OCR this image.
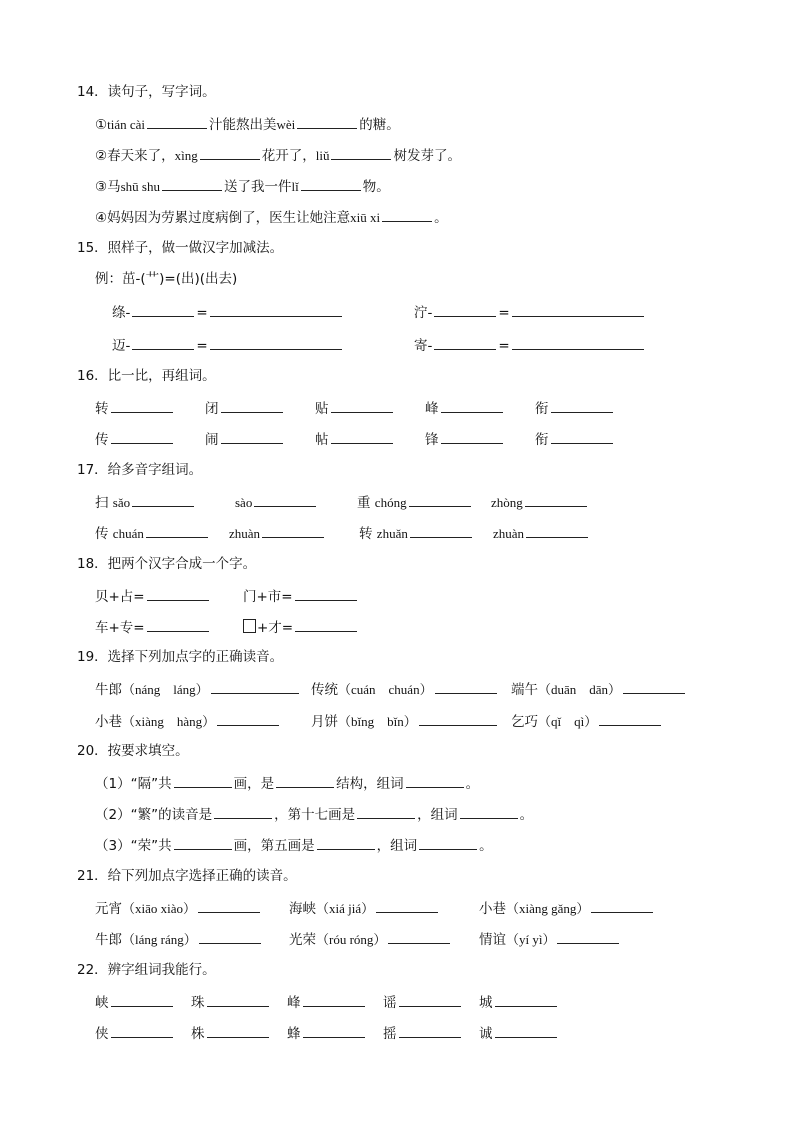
14．读句子，写字词。
①tián cài	汁能熬出美wèi	的糖。
②春天来了，xìng	花开了，liǔ	树发芽了。
③马shū shu	送了我一件lǐ	物。
④妈妈因为劳累过度病倒了，医生让她注意xiū xi	。
15．照样子，做一做汉字加减法。
例：茁-(艹)=(出)(出去)
绦-	=	泞-	=
迈-	=	寄-	=
16．比一比，再组词。
转	闭	贴	峰	衔
传	闹	帖	锋	衔
17．给多音字组词。
扫 sǎo	sào	重 chóng	zhòng
传 chuán	zhuàn	转 zhuǎn	zhuàn
18．把两个汉字合成一个字。
贝+占=	门+市=
车+专=	+才=
19．选择下列加点字的正确读音。
牛郎（náng　láng）	传统（cuán　chuán）	端午（duān　dān）
小巷（xiàng　hàng）	月饼（bǐng　bǐn）	乞巧（qǐ　qì）
20．按要求填空。
（1）“隔”共	画，是	结构，组词	。
（2）“繁”的读音是	，第十七画是	，组词	。
（3）“荣”共	画，第五画是	，组词	。
21．给下列加点字选择正确的读音。
元宵（xiāo xiào）	海峡（xiá jiá）	小巷（xiàng gǎng）
牛郎（láng ráng）	光荣（róu róng）	情谊（yí yì）
22．辨字组词我能行。
峡	珠	峰	谣	城
侠	株	蜂	摇	诚
